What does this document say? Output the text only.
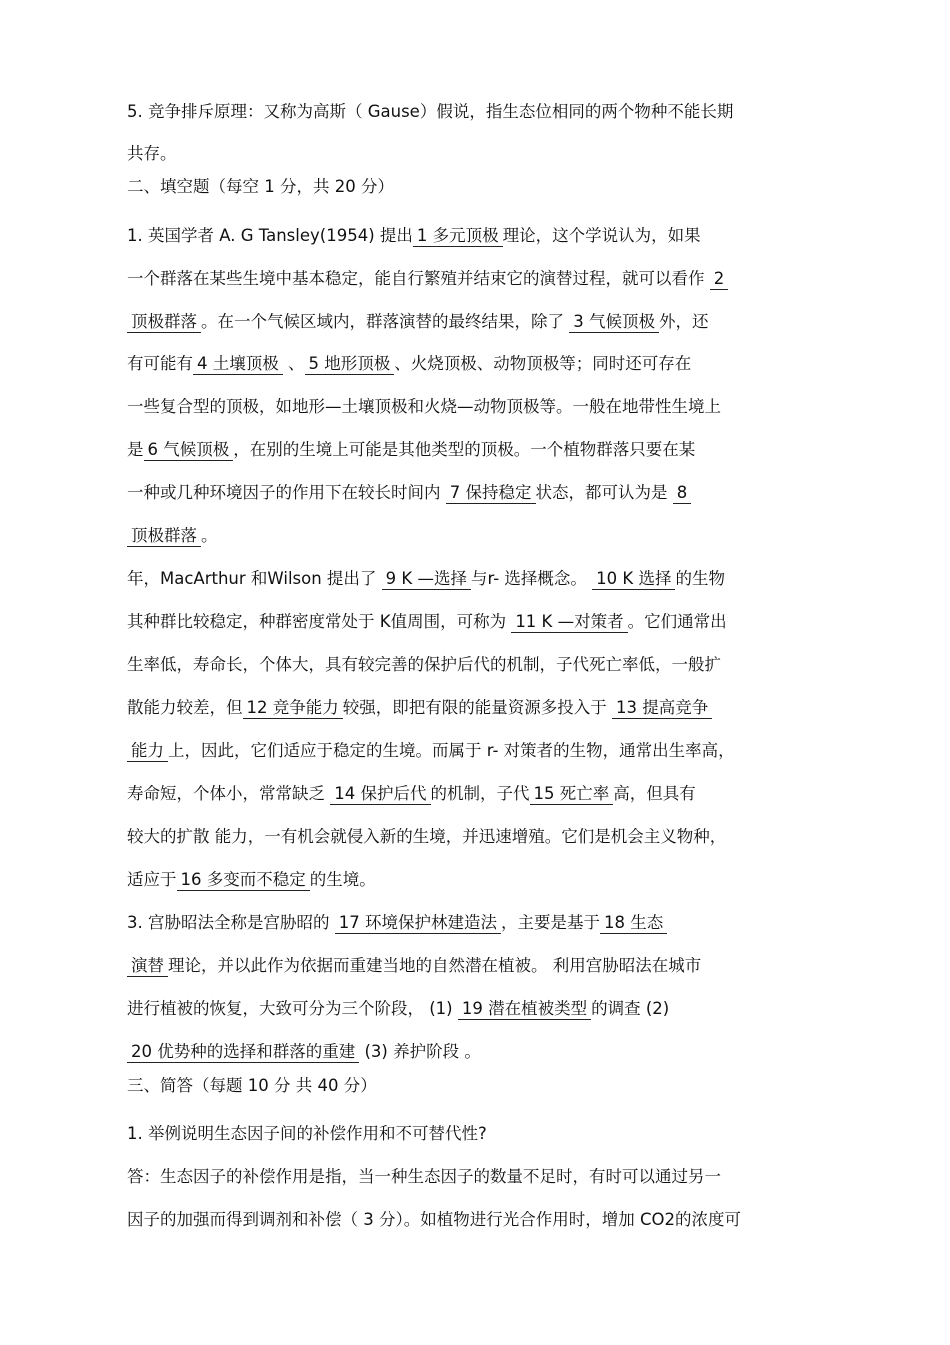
5. 竞争排斥原理：又称为高斯（ Gause）假说，指生态位相同的两个物种不能长期
共存。
二、填空题（每空 1 分，共 20 分）
1. 英国学者 A. G Tansley(1954) 提出 1 多元顶极 理论，这个学说认为，如果
一个群落在某些生境中基本稳定，能自行繁殖并结束它的演替过程，就可以看作 2
顶极群落 。在一个气候区域内，群落演替的最终结果，除了 3 气候顶极 外，还
有可能有 4 土壤顶极 、 5 地形顶极 、火烧顶极、动物顶极等；同时还可存在
一些复合型的顶极，如地形—土壤顶极和火烧—动物顶极等。一般在地带性生境上
是 6 气候顶极 ，在别的生境上可能是其他类型的顶极。一个植物群落只要在某
一种或几种环境因子的作用下在较长时间内 7 保持稳定 状态，都可认为是 8
顶极群落 。
年，MacArthur 和Wilson 提出了 9 K —选择 与r- 选择概念。 10 K 选择 的生物
其种群比较稳定，种群密度常处于 K值周围，可称为 11 K —对策者 。它们通常出
生率低，寿命长，个体大，具有较完善的保护后代的机制，子代死亡率低，一般扩
散能力较差，但 12 竞争能力 较强，即把有限的能量资源多投入于 13 提高竞争
能力 上，因此，它们适应于稳定的生境。而属于 r- 对策者的生物，通常出生率高，
寿命短，个体小，常常缺乏 14 保护后代 的机制，子代 15 死亡率 高，但具有
较大的扩散 能力，一有机会就侵入新的生境，并迅速增殖。它们是机会主义物种，
适应于 16 多变而不稳定 的生境。
3. 宫胁昭法全称是宫胁昭的 17 环境保护林建造法 ，主要是基于 18 生态
演替 理论，并以此作为依据而重建当地的自然潜在植被。 利用宫胁昭法在城市
进行植被的恢复，大致可分为三个阶段， (1) 19 潜在植被类型 的调查 (2)
20 优势种的选择和群落的重建 (3) 养护阶段 。
三、简答（每题 10 分 共 40 分）
1. 举例说明生态因子间的补偿作用和不可替代性?
答：生态因子的补偿作用是指，当一种生态因子的数量不足时，有时可以通过另一
因子的加强而得到调剂和补偿（ 3 分）。如植物进行光合作用时，增加 CO2的浓度可
